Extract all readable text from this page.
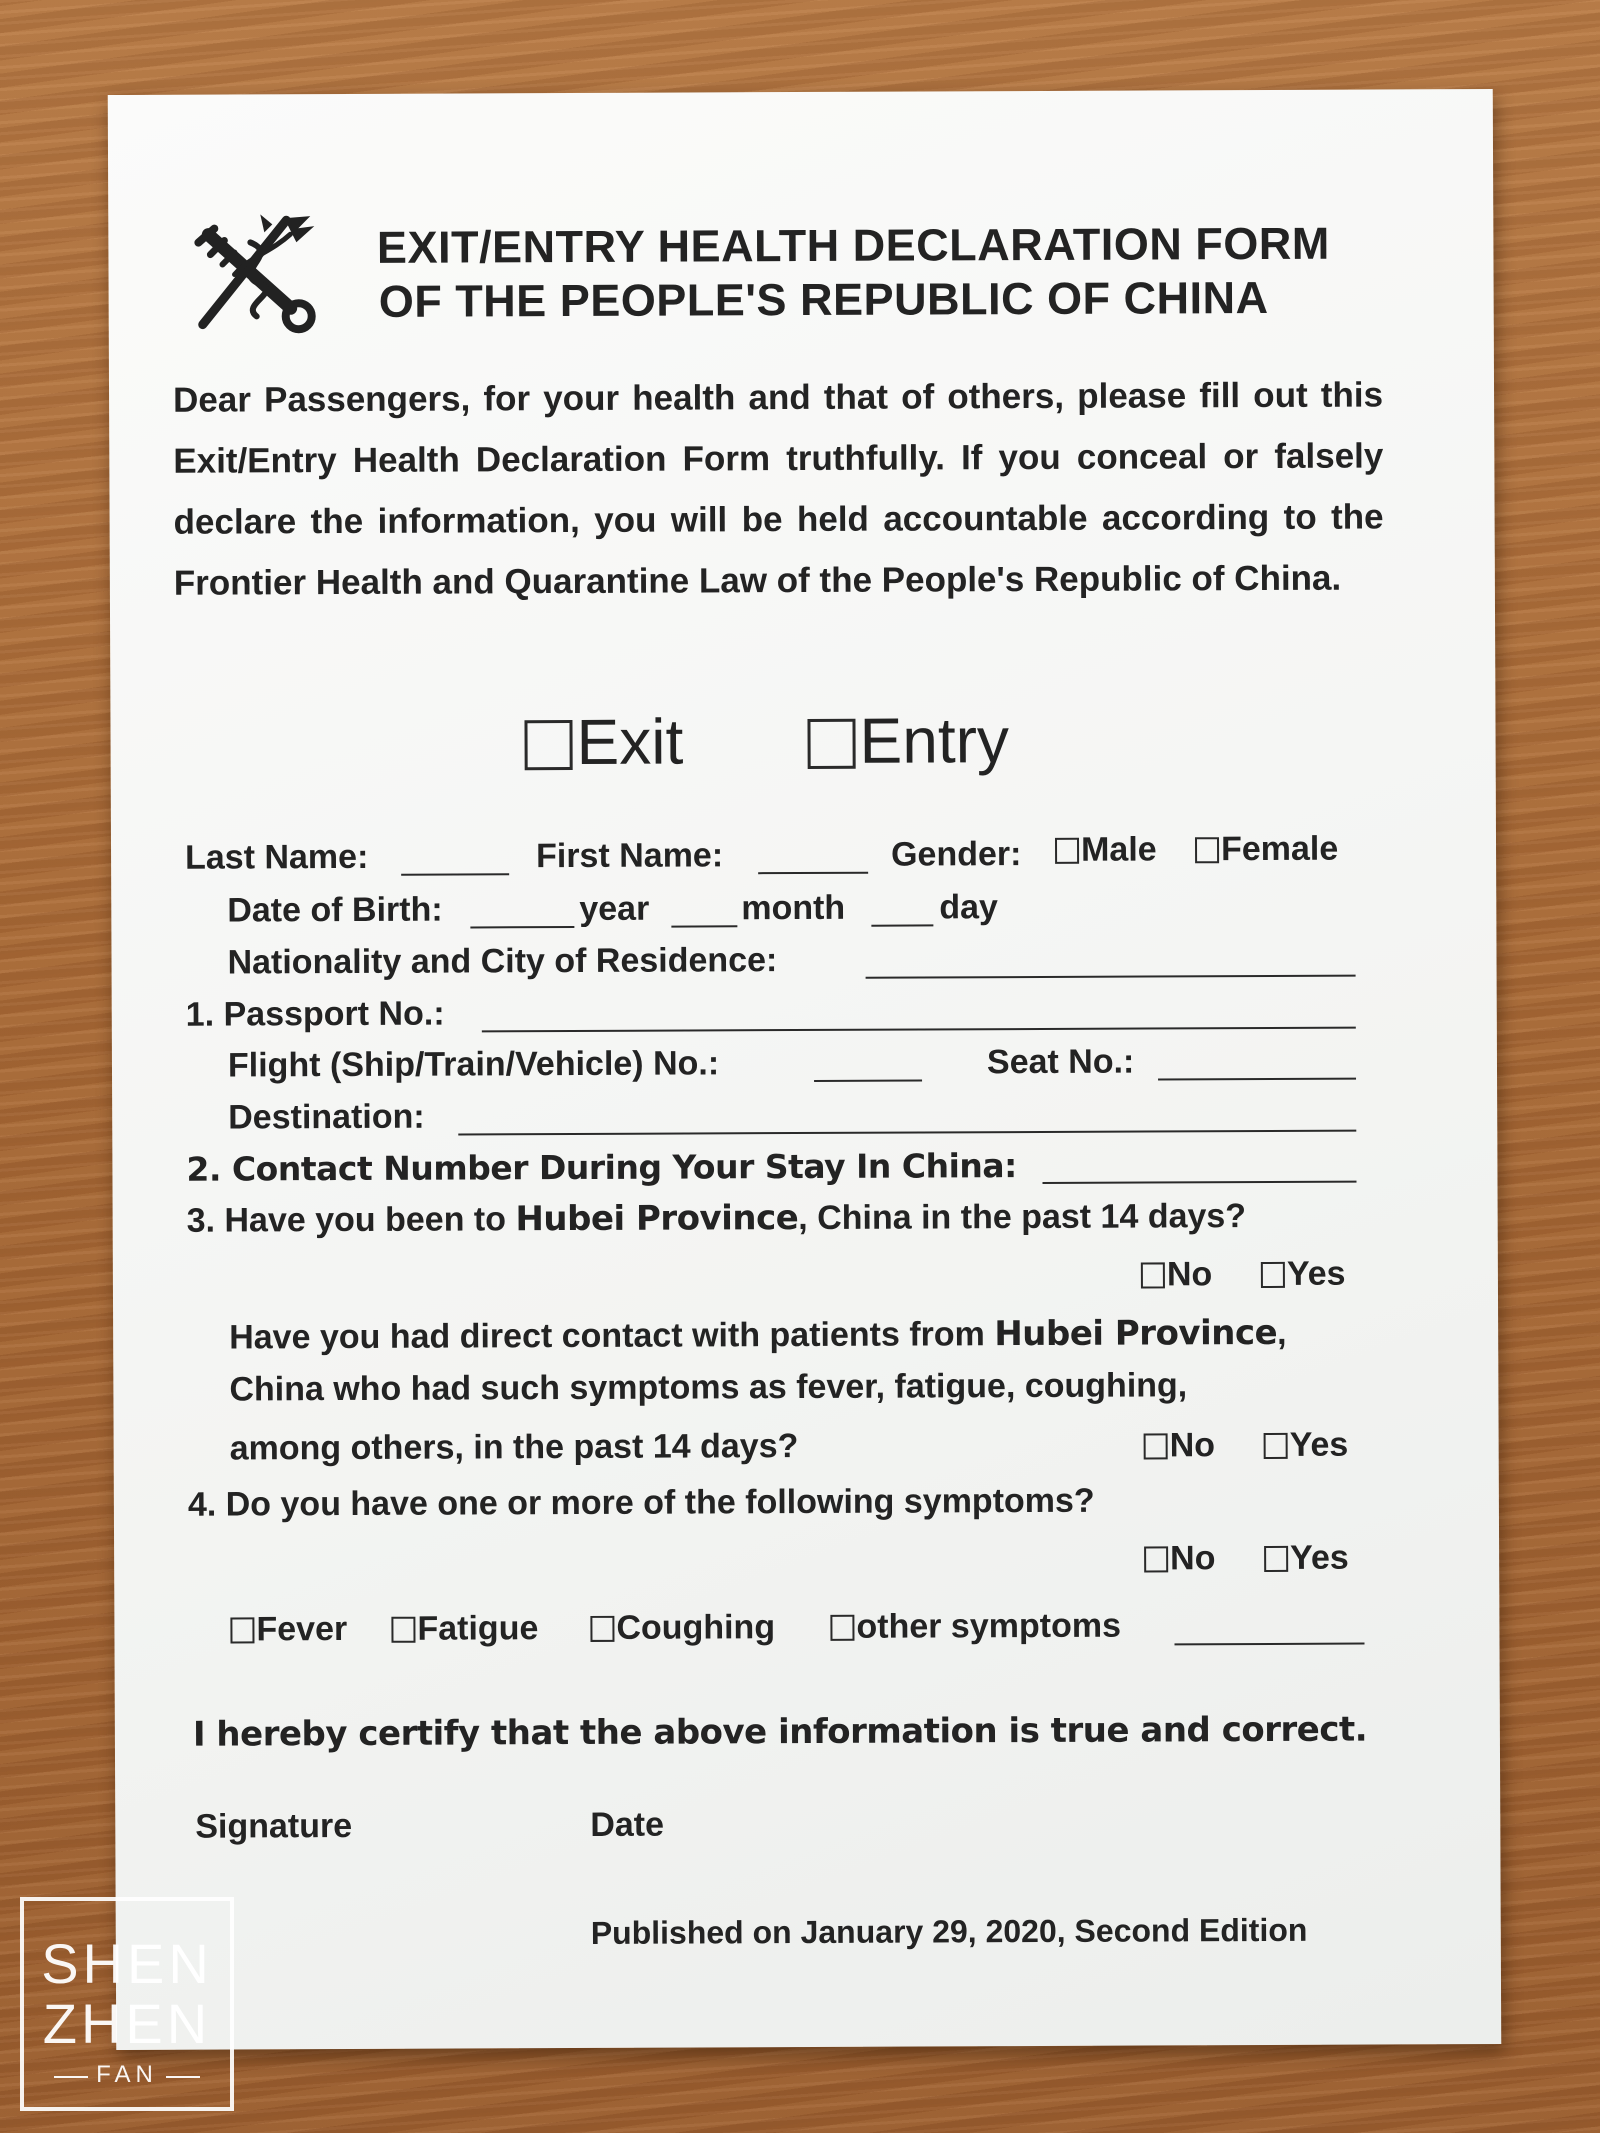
EXIT/ENTRY HEALTH DECLARATION FORM
OF THE PEOPLE'S REPUBLIC OF CHINA
Dear Passengers, for your health and that of others, please fill out this Exit/Entry Health Declaration Form truthfully. If you conceal or falsely declare the information, you will be held accountable according to the Frontier Health and Quarantine Law of the People's Republic of China.
Exit	Entry
Last Name:	First Name:	Gender:	Male	Female
Date of Birth:	year	month	day
Nationality and City of Residence:
1. Passport No.:
Flight (Ship/Train/Vehicle) No.:	Seat No.:
Destination:
2. Contact Number During Your Stay In China:
3. Have you been to Hubei Province, China in the past 14 days?
No	Yes
Have you had direct contact with patients from Hubei Province,
China who had such symptoms as fever, fatigue, coughing,
among others, in the past 14 days?	No	Yes
4. Do you have one or more of the following symptoms?
No	Yes
Fever	Fatigue	Coughing	other symptoms
I hereby certify that the above information is true and correct.
Signature	Date
Published on January 29, 2020, Second Edition
SHEN
ZHEN
FAN
